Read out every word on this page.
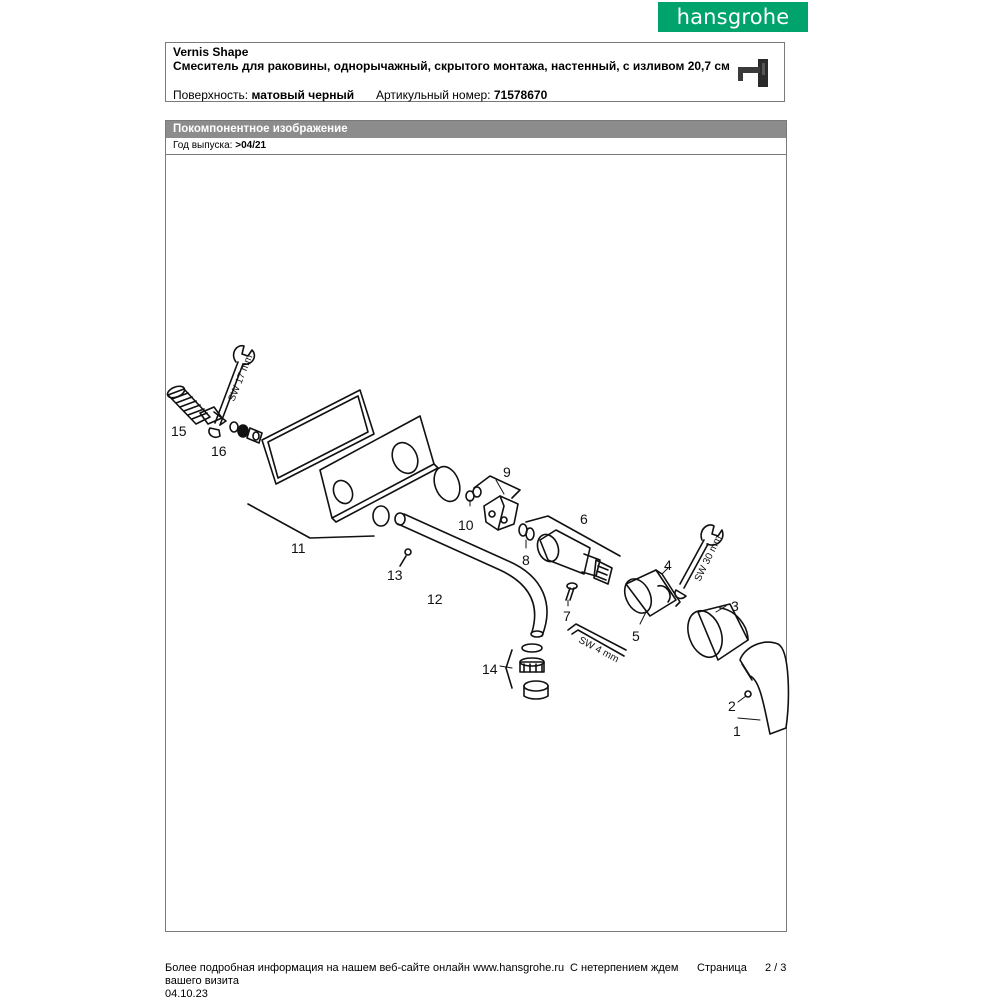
hansgrohe
Vernis Shape
Смеситель для раковины, однорычажный, скрытого монтажа, настенный, с изливом 20,7 см
Поверхность: матовый черный Артикульный номер: 71578670
Покомпонентное изображение
Год выпуска: >04/21
1
2
3
4
5
6
7
8
9
10
11
12
13
14
15
16
SW 17 mm
SW 30 mm
SW 4 mm
Более подробная информация на нашем веб-сайте онлайн www.hansgrohe.ru С нетерпением ждем Страница 2 / 3
вашего визита
04.10.23
